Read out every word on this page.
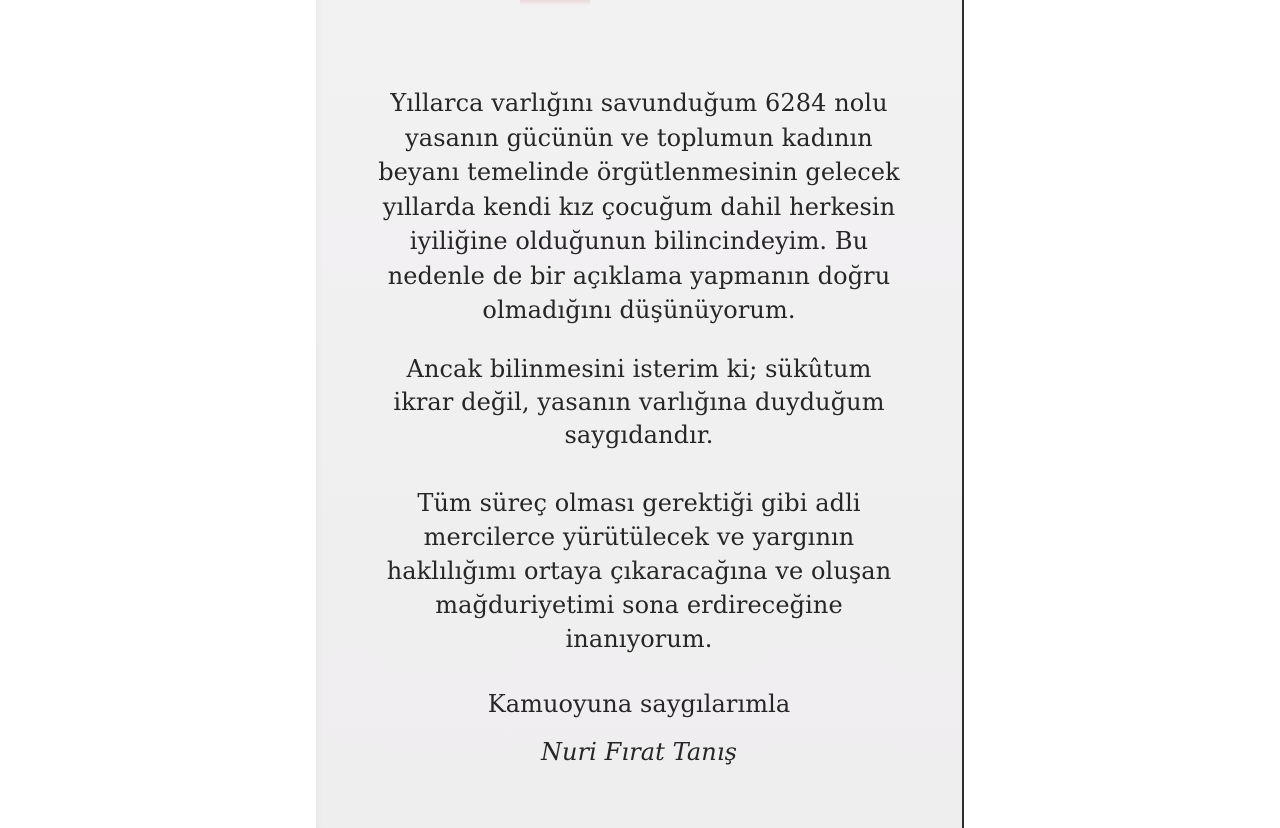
Yıllarca varlığını savunduğum 6284 nolu
yasanın gücünün ve toplumun kadının
beyanı temelinde örgütlenmesinin gelecek
yıllarda kendi kız çocuğum dahil herkesin
iyiliğine olduğunun bilincindeyim. Bu
nedenle de bir açıklama yapmanın doğru
olmadığını düşünüyorum.
Ancak bilinmesini isterim ki; sükûtum
ikrar değil, yasanın varlığına duyduğum
saygıdandır.
Tüm süreç olması gerektiği gibi adli
mercilerce yürütülecek ve yargının
haklılığımı ortaya çıkaracağına ve oluşan
mağduriyetimi sona erdireceğine
inanıyorum.
Kamuoyuna saygılarımla
Nuri Fırat Tanış
